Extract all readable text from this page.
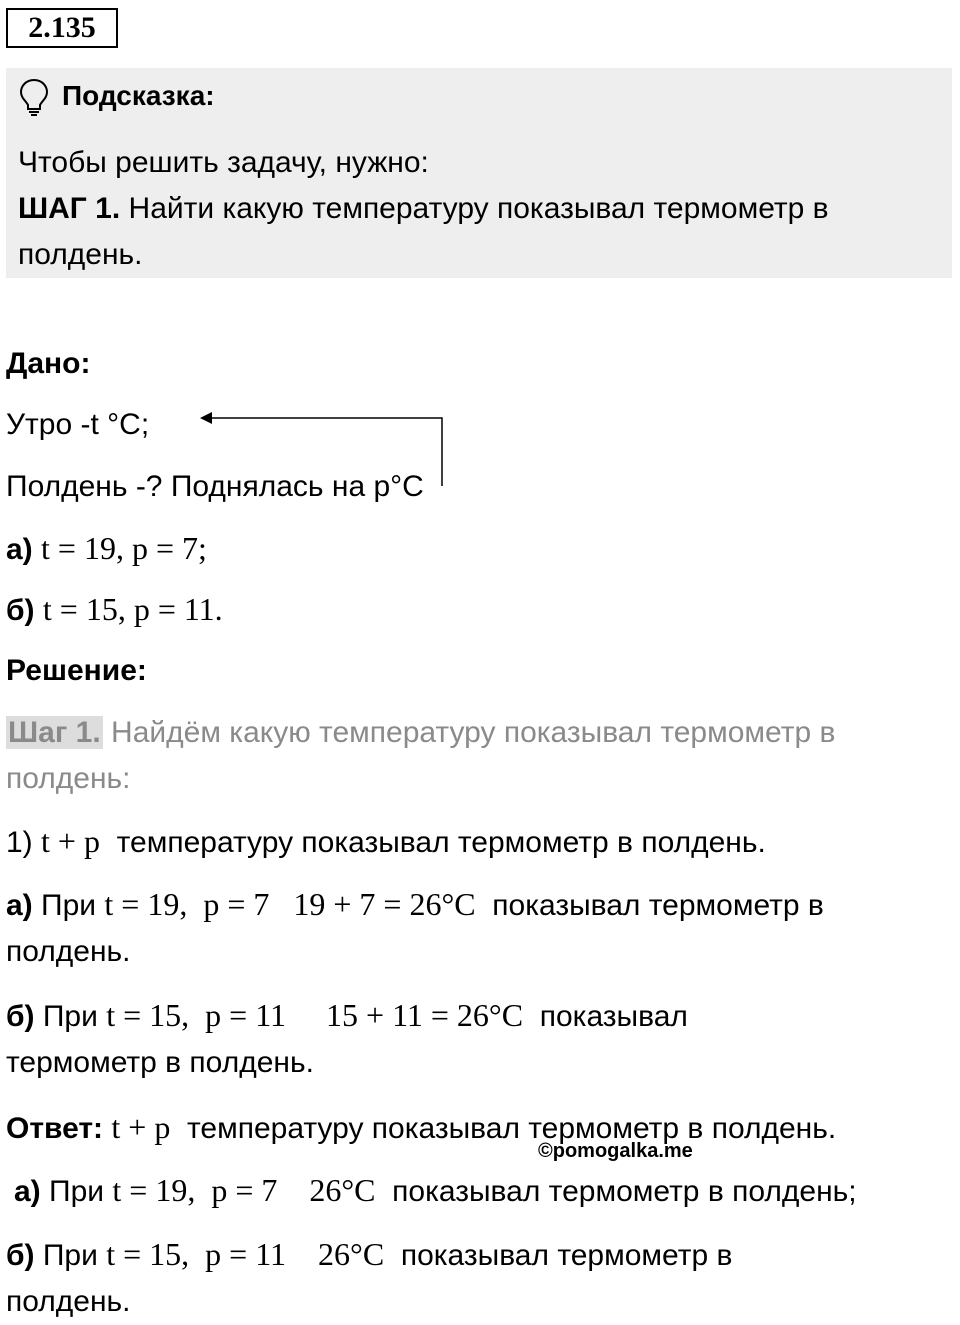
2.135
Подсказка:
Чтобы решить задачу, нужно:
ШАГ 1. Найти какую температуру показывал термометр в
полдень.
Дано:
Утро -t °C;
Полдень -? Поднялась на p°C
а) t = 19, p = 7;
б) t = 15, p = 11.
Решение:
Шаг 1. Найдём какую температуру показывал термометр в
полдень:
1) t + p температуру показывал термометр в полдень.
а) При t = 19,  p = 7   19 + 7 = 26°C показывал термометр в
полдень.
б) При t = 15,  p = 11     15 + 11 = 26°C показывал
термометр в полдень.
Ответ: t + p температуру показывал термометр в полдень.
©pomogalka.me
а) При t = 19,  p = 7    26°C показывал термометр в полдень;
б) При t = 15,  p = 11    26°C показывал термометр в
полдень.
